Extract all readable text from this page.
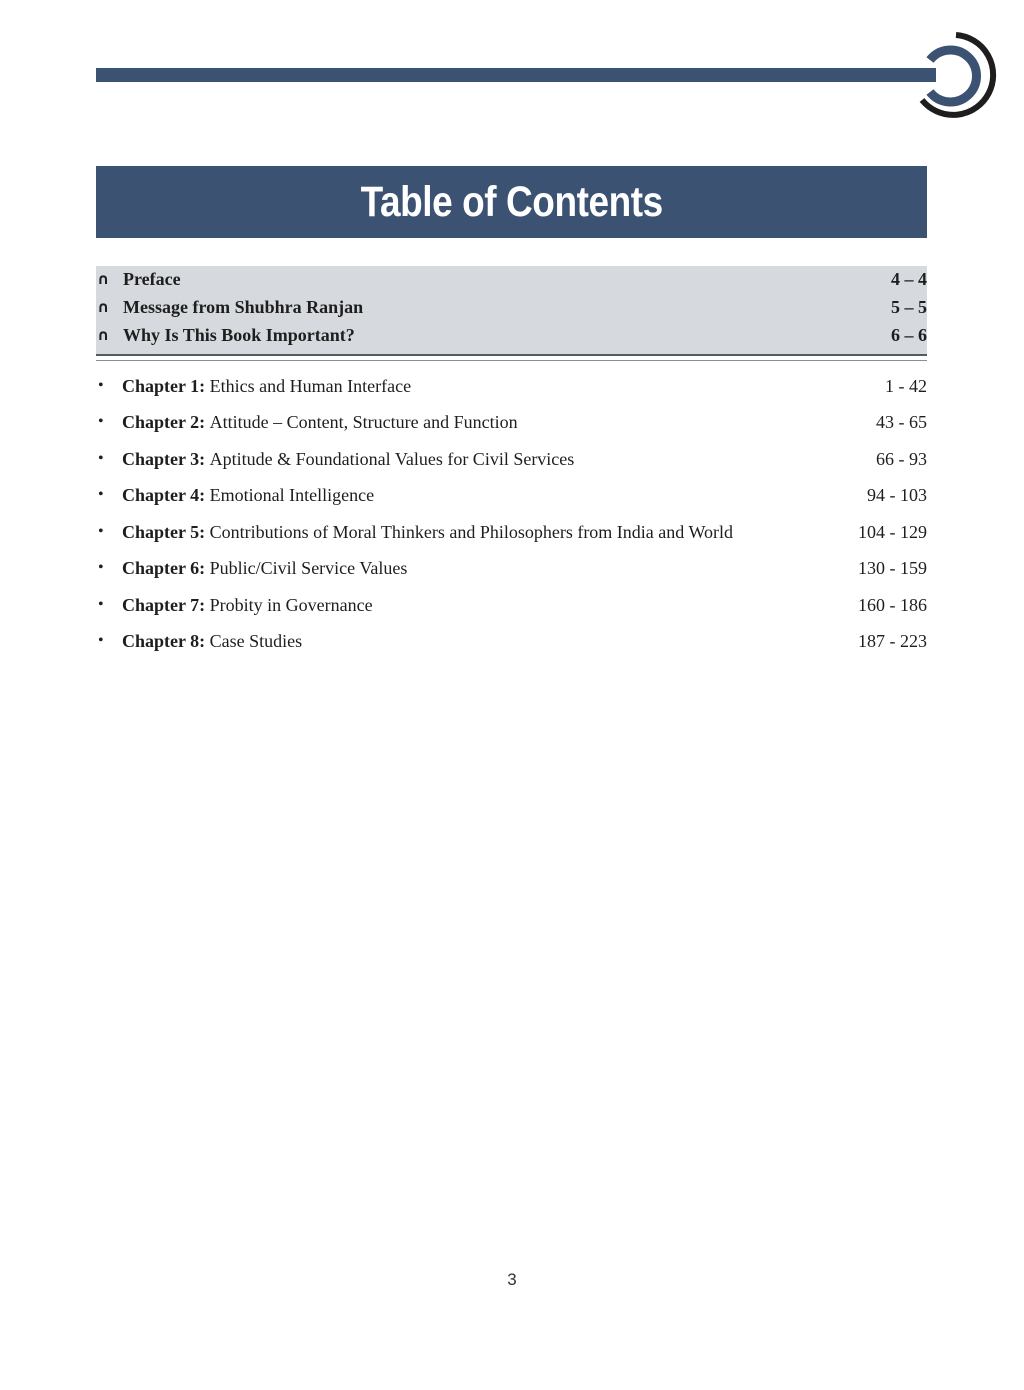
Table of Contents
∩ Preface	4 – 4
∩ Message from Shubhra Ranjan	5 – 5
∩ Why Is This Book Important?	6 – 6
•	Chapter 1: Ethics and Human Interface	1 - 42
•	Chapter 2: Attitude – Content, Structure and Function	43 - 65
•	Chapter 3: Aptitude & Foundational Values for Civil Services	66 - 93
•	Chapter 4: Emotional Intelligence	94 - 103
•	Chapter 5: Contributions of Moral Thinkers and Philosophers from India and World	104 - 129
•	Chapter 6: Public/Civil Service Values	130 - 159
•	Chapter 7: Probity in Governance	160 - 186
•	Chapter 8: Case Studies	187 - 223
3
